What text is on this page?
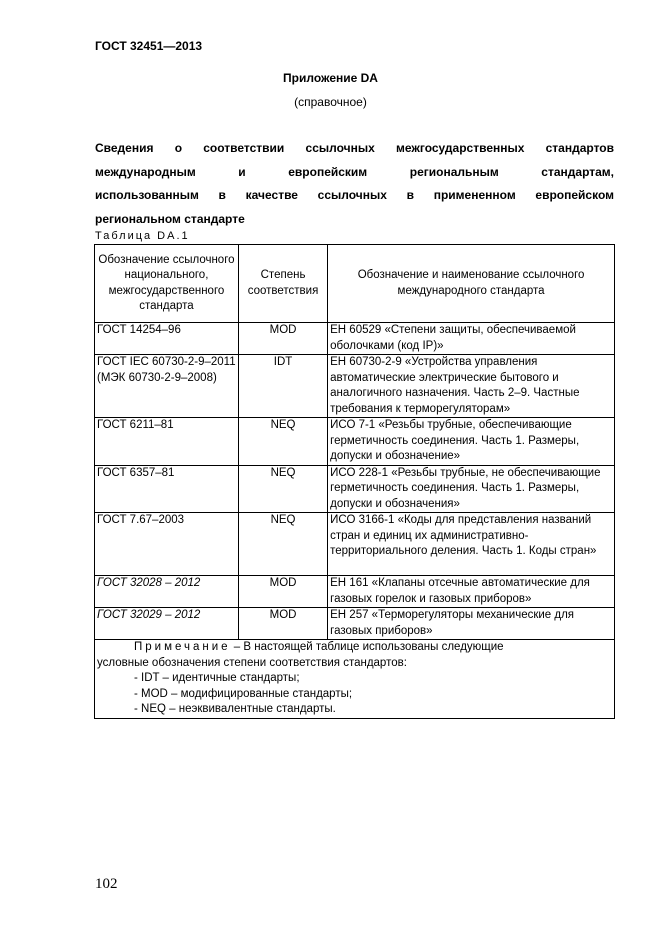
ГОСТ 32451—2013
Приложение DA
(справочное)
Сведения о соответствии ссылочных межгосударственных стандартов
международным и европейским региональным стандартам,
использованным в качестве ссылочных в примененном европейском
региональном стандарте
Таблица DA.1
Обозначение ссылочного национального, межгосударственного стандарта	Степень соответствия	Обозначение и наименование ссылочного международного стандарта
ГОСТ 14254–96	MOD	ЕН 60529 «Степени защиты, обеспечиваемой оболочками (код IP)»
ГОСТ IEC 60730-2-9–2011 (МЭК 60730-2-9–2008)	IDT	ЕН 60730-2-9 «Устройства управления автоматические электрические бытового и аналогичного назначения. Часть 2–9. Частные требования к терморегуляторам»
ГОСТ 6211–81	NEQ	ИСО 7-1 «Резьбы трубные, обеспечивающие герметичность соединения. Часть 1. Размеры, допуски и обозначение»
ГОСТ 6357–81	NEQ	ИСО 228-1 «Резьбы трубные, не обеспечивающие герметичность соединения. Часть 1. Размеры, допуски и обозначения»
ГОСТ 7.67–2003	NEQ	ИСО 3166-1 «Коды для представления названий стран и единиц их административно-территориального деления. Часть 1. Коды стран»
ГОСТ 32028 – 2012	MOD	ЕН 161 «Клапаны отсечные автоматические для газовых горелок и газовых приборов»
ГОСТ 32029 – 2012	MOD	ЕН 257 «Терморегуляторы механические для газовых приборов»

Примечание – В настоящей таблице использованы следующие
условные обозначения степени соответствия стандартов:
- IDT – идентичные стандарты;
- MOD – модифицированные стандарты;
- NEQ – неэквивалентные стандарты.		
102
